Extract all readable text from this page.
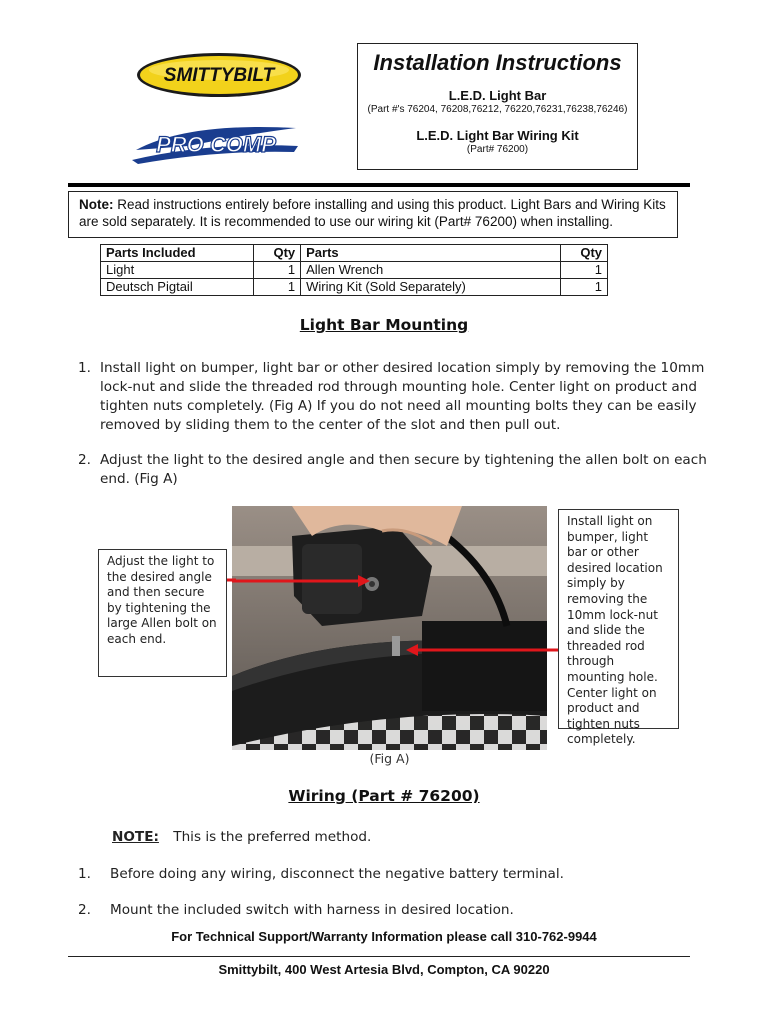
SMITTYBILT
PRO COMP
Installation Instructions
L.E.D. Light Bar
(Part #'s 76204, 76208,76212, 76220,76231,76238,76246)
L.E.D. Light Bar Wiring Kit
(Part# 76200)
Note: Read instructions entirely before installing and using this product. Light Bars and Wiring Kits are sold separately. It is recommended to use our wiring kit (Part# 76200) when installing.
Parts Included	Qty	Parts	Qty
Light	1	Allen Wrench	1
Deutsch Pigtail	1	Wiring Kit (Sold Separately)	1
Light Bar Mounting
1. Install light on bumper, light bar or other desired location simply by removing the 10mm lock-nut and slide the threaded rod through mounting hole. Center light on product and tighten nuts completely. (Fig A) If you do not need all mounting bolts they can be easily removed by sliding them to the center of the slot and then pull out.
2. Adjust the light to the desired angle and then secure by tightening the allen bolt on each end. (Fig A)
Adjust the light to the desired angle and then secure by tightening the large Allen bolt on each end.
Install light on bumper, light bar or other desired location simply by removing the 10mm lock-nut and slide the threaded rod through mounting hole. Center light on product and tighten nuts completely.
(Fig A)
Wiring (Part # 76200)
NOTE: This is the preferred method.
1. Before doing any wiring, disconnect the negative battery terminal.
2. Mount the included switch with harness in desired location.
For Technical Support/Warranty Information please call 310-762-9944
Smittybilt, 400 West Artesia Blvd, Compton, CA 90220
